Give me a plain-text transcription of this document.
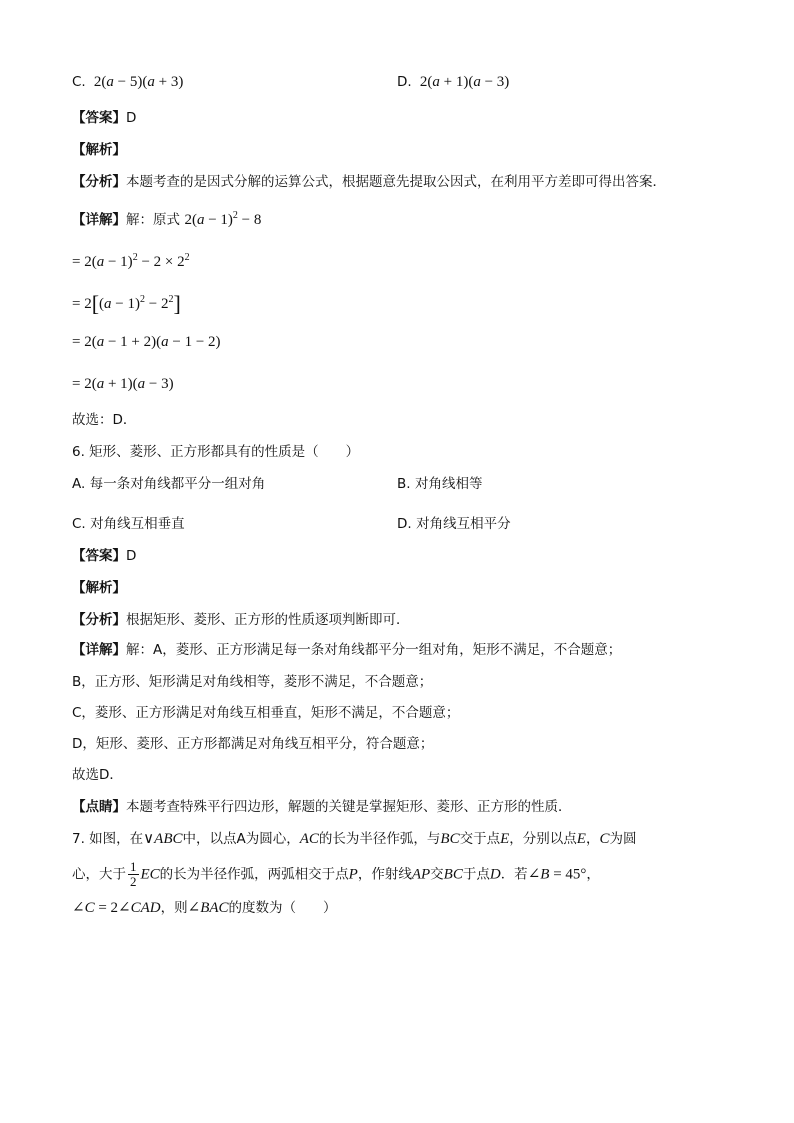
C.  2(a − 5)(a + 3)	D.  2(a + 1)(a − 3)
【答案】D
【解析】
【分析】本题考查的是因式分解的运算公式，根据题意先提取公因式，在利用平方差即可得出答案．
【详解】解：原式 $2(a - 1)^2 - 8$
= $2(a - 1)^2 - 2 \times 2^2$
= $2[(a - 1)^2 - 2^2]$
= 2(a − 1 + 2)(a − 1 − 2)
= 2(a + 1)(a − 3)
故选：D．
6. 矩形、菱形、正方形都具有的性质是（　　）
A. 每一条对角线都平分一组对角	B. 对角线相等
C. 对角线互相垂直	D. 对角线互相平分
【答案】D
【解析】
【分析】根据矩形、菱形、正方形的性质逐项判断即可．
【详解】解：A，菱形、正方形满足每一条对角线都平分一组对角，矩形不满足，不合题意；
B，正方形、矩形满足对角线相等，菱形不满足，不合题意；
C，菱形、正方形满足对角线互相垂直，矩形不满足，不合题意；
D，矩形、菱形、正方形都满足对角线互相平分，符合题意；
故选D．
【点睛】本题考查特殊平行四边形，解题的关键是掌握矩形、菱形、正方形的性质．
7. 如图，在∨ABC中，以点A为圆心，AC的长为半径作弧，与BC交于点E，分别以点E，C为圆
心，大于 $\frac{1}{2}$ EC的长为半径作弧，两弧相交于点P，作射线AP交BC于点D．若∠B = 45°，
∠C = 2∠CAD，则∠BAC的度数为（　　）
